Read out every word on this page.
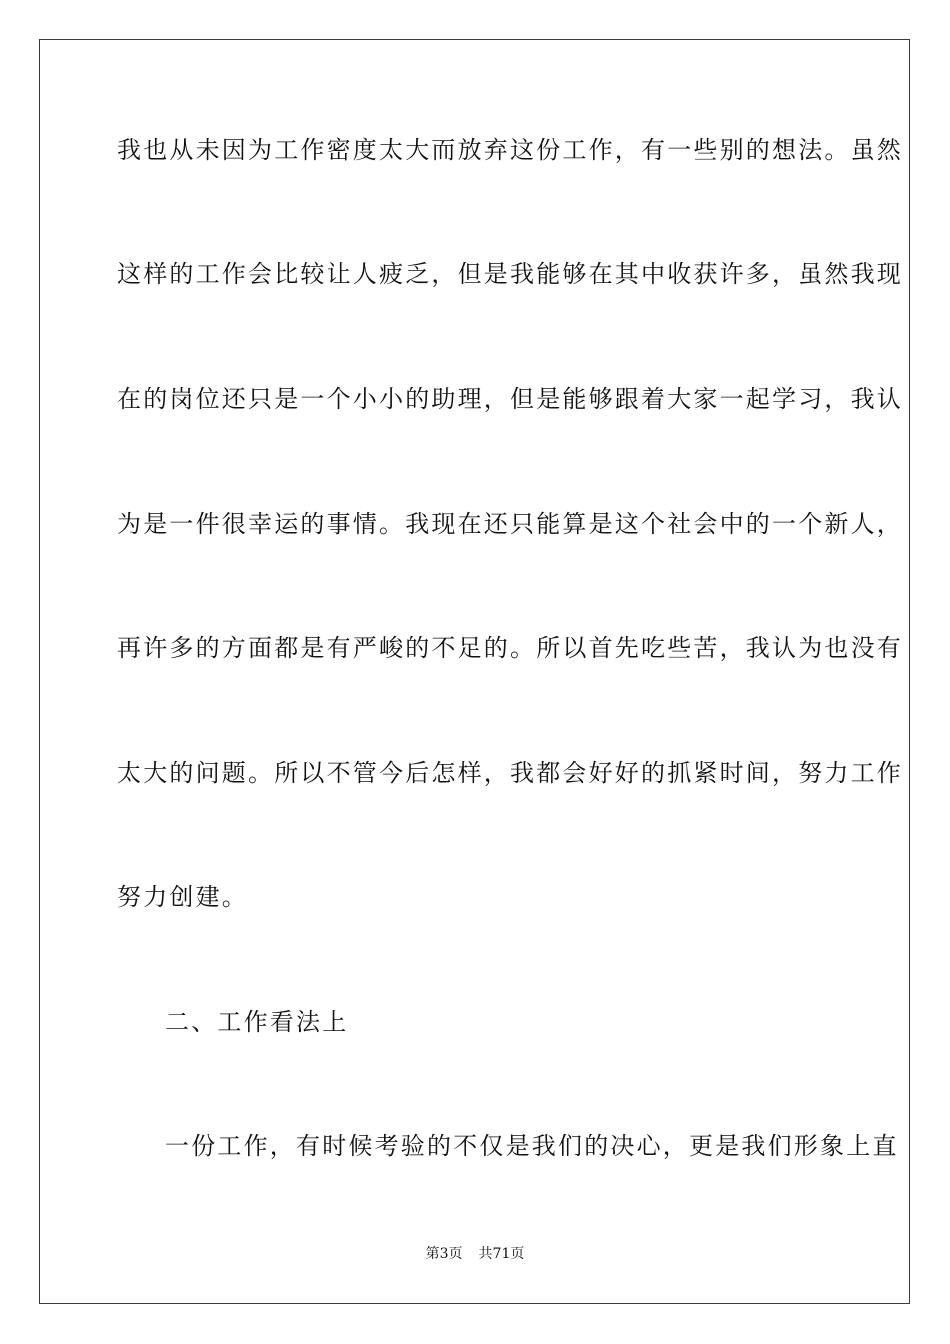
我也从未因为工作密度太大而放弃这份工作，有一些别的想法。虽然
这样的工作会比较让人疲乏，但是我能够在其中收获许多，虽然我现
在的岗位还只是一个小小的助理，但是能够跟着大家一起学习，我认
为是一件很幸运的事情。我现在还只能算是这个社会中的一个新人，
再许多的方面都是有严峻的不足的。所以首先吃些苦，我认为也没有
太大的问题。所以不管今后怎样，我都会好好的抓紧时间，努力工作
努力创建。
二、工作看法上
一份工作，有时候考验的不仅是我们的决心，更是我们形象上直
第3页 共71页
